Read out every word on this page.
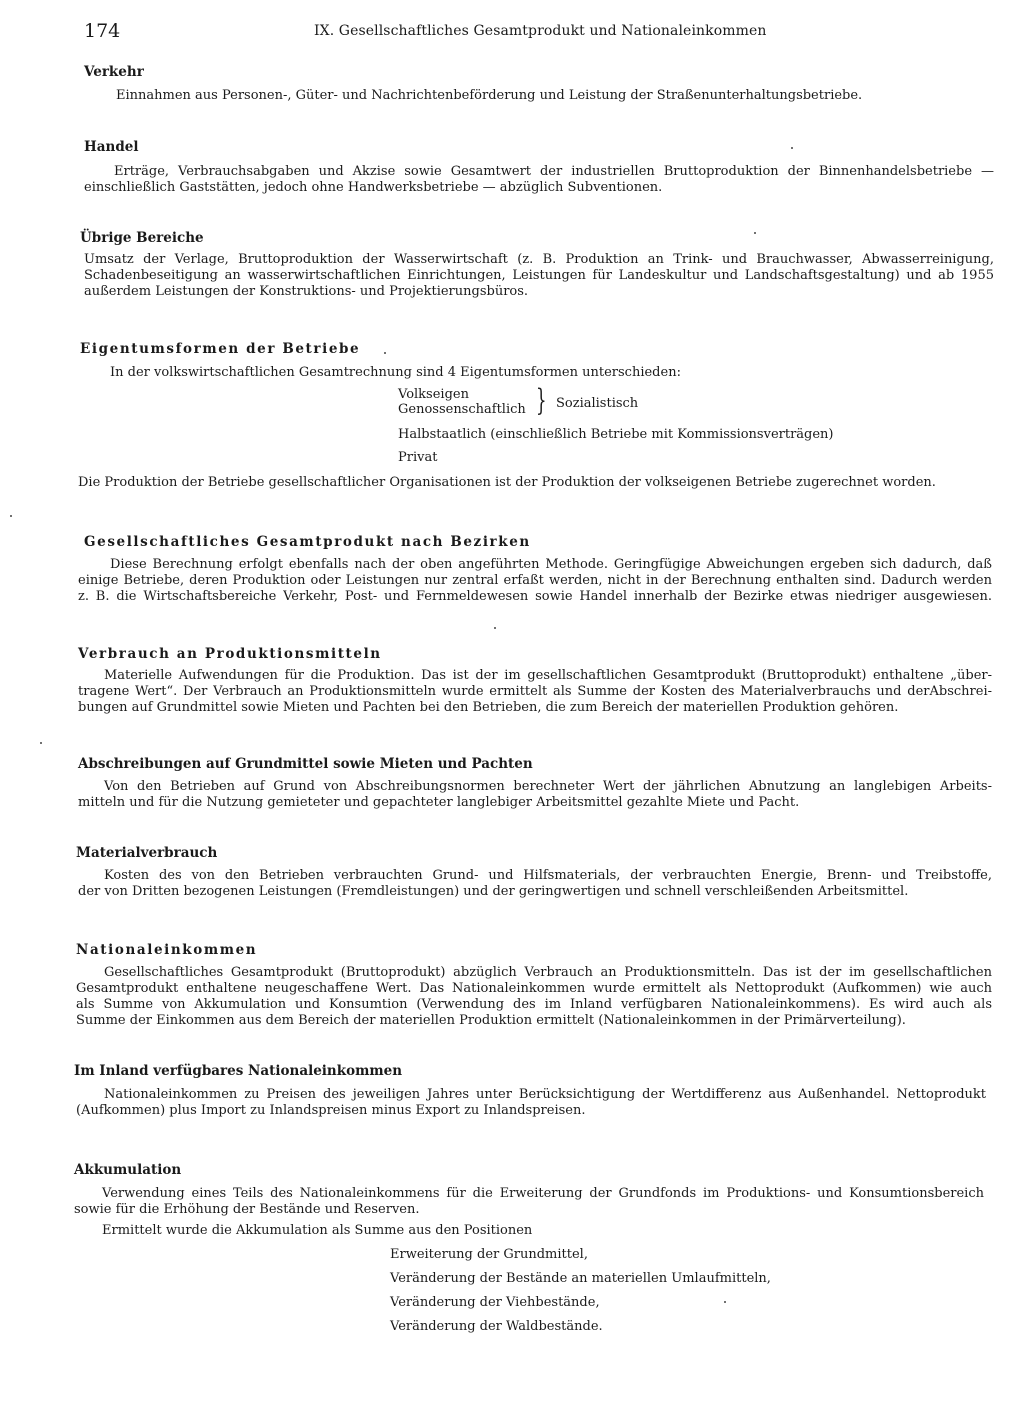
174	IX. Gesellschaftliches Gesamtprodukt und Nationaleinkommen
Verkehr
Einnahmen aus Personen-, Güter- und Nachrichtenbeförderung und Leistung der Straßenunterhaltungsbetriebe.
Handel
Erträge, Verbrauchsabgaben und Akzise sowie Gesamtwert der industriellen Bruttoproduktion der Binnenhandelsbetriebe —
einschließlich Gaststätten, jedoch ohne Handwerksbetriebe — abzüglich Subventionen.
Übrige Bereiche
Umsatz der Verlage, Bruttoproduktion der Wasserwirtschaft (z. B. Produktion an Trink- und Brauchwasser, Abwasserreinigung,
Schadenbeseitigung an wasserwirtschaftlichen Einrichtungen, Leistungen für Landeskultur und Landschaftsgestaltung) und ab 1955
außerdem Leistungen der Konstruktions- und Projektierungsbüros.
Eigentumsformen der Betriebe
In der volkswirtschaftlichen Gesamtrechnung sind 4 Eigentumsformen unterschieden:
Volkseigen
Genossenschaftlich } Sozialistisch
Halbstaatlich (einschließlich Betriebe mit Kommissionsverträgen)
Privat
Die Produktion der Betriebe gesellschaftlicher Organisationen ist der Produktion der volkseigenen Betriebe zugerechnet worden.
Gesellschaftliches Gesamtprodukt nach Bezirken
Diese Berechnung erfolgt ebenfalls nach der oben angeführten Methode. Geringfügige Abweichungen ergeben sich dadurch, daß
einige Betriebe, deren Produktion oder Leistungen nur zentral erfaßt werden, nicht in der Berechnung enthalten sind. Dadurch werden
z. B. die Wirtschaftsbereiche Verkehr, Post- und Fernmeldewesen sowie Handel innerhalb der Bezirke etwas niedriger ausgewiesen.
Verbrauch an Produktionsmitteln
Materielle Aufwendungen für die Produktion. Das ist der im gesellschaftlichen Gesamtprodukt (Bruttoprodukt) enthaltene „über-
tragene Wert“. Der Verbrauch an Produktionsmitteln wurde ermittelt als Summe der Kosten des Materialverbrauchs und derAbschrei-
bungen auf Grundmittel sowie Mieten und Pachten bei den Betrieben, die zum Bereich der materiellen Produktion gehören.
Abschreibungen auf Grundmittel sowie Mieten und Pachten
Von den Betrieben auf Grund von Abschreibungsnormen berechneter Wert der jährlichen Abnutzung an langlebigen Arbeits-
mitteln und für die Nutzung gemieteter und gepachteter langlebiger Arbeitsmittel gezahlte Miete und Pacht.
Materialverbrauch
Kosten des von den Betrieben verbrauchten Grund- und Hilfsmaterials, der verbrauchten Energie, Brenn- und Treibstoffe,
der von Dritten bezogenen Leistungen (Fremdleistungen) und der geringwertigen und schnell verschleißenden Arbeitsmittel.
Nationaleinkommen
Gesellschaftliches Gesamtprodukt (Bruttoprodukt) abzüglich Verbrauch an Produktionsmitteln. Das ist der im gesellschaftlichen
Gesamtprodukt enthaltene neugeschaffene Wert. Das Nationaleinkommen wurde ermittelt als Nettoprodukt (Aufkommen) wie auch
als Summe von Akkumulation und Konsumtion (Verwendung des im Inland verfügbaren Nationaleinkommens). Es wird auch als
Summe der Einkommen aus dem Bereich der materiellen Produktion ermittelt (Nationaleinkommen in der Primärverteilung).
Im Inland verfügbares Nationaleinkommen
Nationaleinkommen zu Preisen des jeweiligen Jahres unter Berücksichtigung der Wertdifferenz aus Außenhandel. Nettoprodukt
(Aufkommen) plus Import zu Inlandspreisen minus Export zu Inlandspreisen.
Akkumulation
Verwendung eines Teils des Nationaleinkommens für die Erweiterung der Grundfonds im Produktions- und Konsumtionsbereich
sowie für die Erhöhung der Bestände und Reserven.
Ermittelt wurde die Akkumulation als Summe aus den Positionen
Erweiterung der Grundmittel,
Veränderung der Bestände an materiellen Umlaufmitteln,
Veränderung der Viehbestände,
Veränderung der Waldbestände.
